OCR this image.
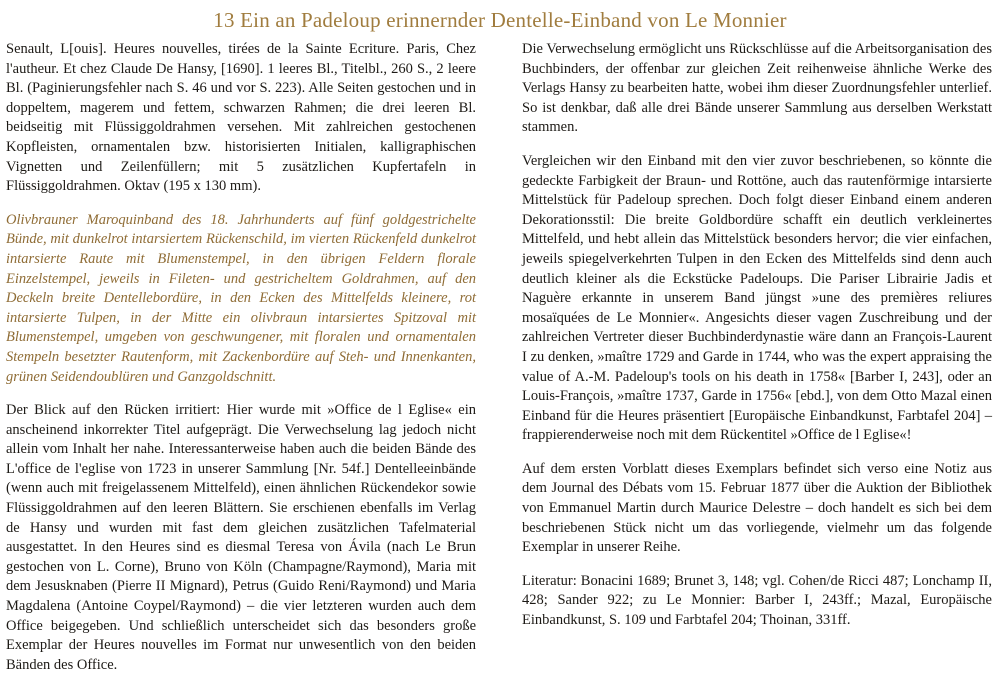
13 Ein an Padeloup erinnernder Dentelle-Einband von Le Monnier

Senault, L[ouis]. Heures nouvelles, tirées de la Sainte Ecriture. Paris, Chez l'autheur. Et chez Claude De Hansy, [1690]. 1 leeres Bl., Titelbl., 260 S., 2 leere Bl. (Paginierungsfehler nach S. 46 und vor S. 223). Alle Seiten gestochen und in doppeltem, magerem und fettem, schwarzen Rahmen; die drei leeren Bl. beidseitig mit Flüssiggoldrahmen versehen. Mit zahlreichen gestochenen Kopfleisten, ornamentalen bzw. historisierten Initialen, kalligraphischen Vignetten und Zeilenfüllern; mit 5 zusätzlichen Kupfertafeln in Flüssiggoldrahmen. Oktav (195 x 130 mm).

Olivbrauner Maroquinband des 18. Jahrhunderts auf fünf goldgestrichelte Bünde, mit dunkelrot intarsiertem Rückenschild, im vierten Rückenfeld dunkelrot intarsierte Raute mit Blumenstempel, in den übrigen Feldern florale Einzelstempel, jeweils in Fileten- und gestricheltem Goldrahmen, auf den Deckeln breite Dentellebordüre, in den Ecken des Mittelfelds kleinere, rot intarsierte Tulpen, in der Mitte ein olivbraun intarsiertes Spitzoval mit Blumenstempel, umgeben von geschwungener, mit floralen und ornamentalen Stempeln besetzter Rautenform, mit Zackenbordüre auf Steh- und Innenkanten, grünen Seidendoublüren und Ganzgoldschnitt.

Der Blick auf den Rücken irritiert: Hier wurde mit »Office de l Eglise« ein anscheinend inkorrekter Titel aufgeprägt. Die Verwechselung lag jedoch nicht allein vom Inhalt her nahe. Interessanterweise haben auch die beiden Bände des L'office de l'eglise von 1723 in unserer Sammlung [Nr. 54f.] Dentelleeinbände (wenn auch mit freigelassenem Mittelfeld), einen ähnlichen Rückendekor sowie Flüssiggoldrahmen auf den leeren Blättern. Sie erschienen ebenfalls im Verlag de Hansy und wurden mit fast dem gleichen zusätzlichen Tafelmaterial ausgestattet. In den Heures sind es diesmal Teresa von Ávila (nach Le Brun gestochen von L. Corne), Bruno von Köln (Champagne/Raymond), Maria mit dem Jesusknaben (Pierre II Mignard), Petrus (Guido Reni/Raymond) und Maria Magdalena (Antoine Coypel/Raymond) – die vier letzteren wurden auch dem Office beigegeben. Und schließlich unterscheidet sich das besonders große Exemplar der Heures nouvelles im Format nur unwesentlich von den beiden Bänden des Office.

Die Verwechselung ermöglicht uns Rückschlüsse auf die Arbeitsorganisation des Buchbinders, der offenbar zur gleichen Zeit reihenweise ähnliche Werke des Verlags Hansy zu bearbeiten hatte, wobei ihm dieser Zuordnungsfehler unterlief. So ist denkbar, daß alle drei Bände unserer Sammlung aus derselben Werkstatt stammen.

Vergleichen wir den Einband mit den vier zuvor beschriebenen, so könnte die gedeckte Farbigkeit der Braun- und Rottöne, auch das rautenförmige intarsierte Mittelstück für Padeloup sprechen. Doch folgt dieser Einband einem anderen Dekorationsstil: Die breite Goldbordüre schafft ein deutlich verkleinertes Mittelfeld, und hebt allein das Mittelstück besonders hervor; die vier einfachen, jeweils spiegelverkehrten Tulpen in den Ecken des Mittelfelds sind denn auch deutlich kleiner als die Eckstücke Padeloups. Die Pariser Librairie Jadis et Naguère erkannte in unserem Band jüngst »une des premières reliures mosaïquées de Le Monnier«. Angesichts dieser vagen Zuschreibung und der zahlreichen Vertreter dieser Buchbinderdynastie wäre dann an François-Laurent I zu denken, »maître 1729 and Garde in 1744, who was the expert appraising the value of A.-M. Padeloup's tools on his death in 1758« [Barber I, 243], oder an Louis-François, »maître 1737, Garde in 1756« [ebd.], von dem Otto Mazal einen Einband für die Heures präsentiert [Europäische Einbandkunst, Farbtafel 204] – frappierenderweise noch mit dem Rückentitel »Office de l Eglise«!

Auf dem ersten Vorblatt dieses Exemplars befindet sich verso eine Notiz aus dem Journal des Débats vom 15. Februar 1877 über die Auktion der Bibliothek von Emmanuel Martin durch Maurice Delestre – doch handelt es sich bei dem beschriebenen Stück nicht um das vorliegende, vielmehr um das folgende Exemplar in unserer Reihe.

Literatur: Bonacini 1689; Brunet 3, 148; vgl. Cohen/de Ricci 487; Lonchamp II, 428; Sander 922; zu Le Monnier: Barber I, 243ff.; Mazal, Europäische Einbandkunst, S. 109 und Farbtafel 204; Thoinan, 331ff.
